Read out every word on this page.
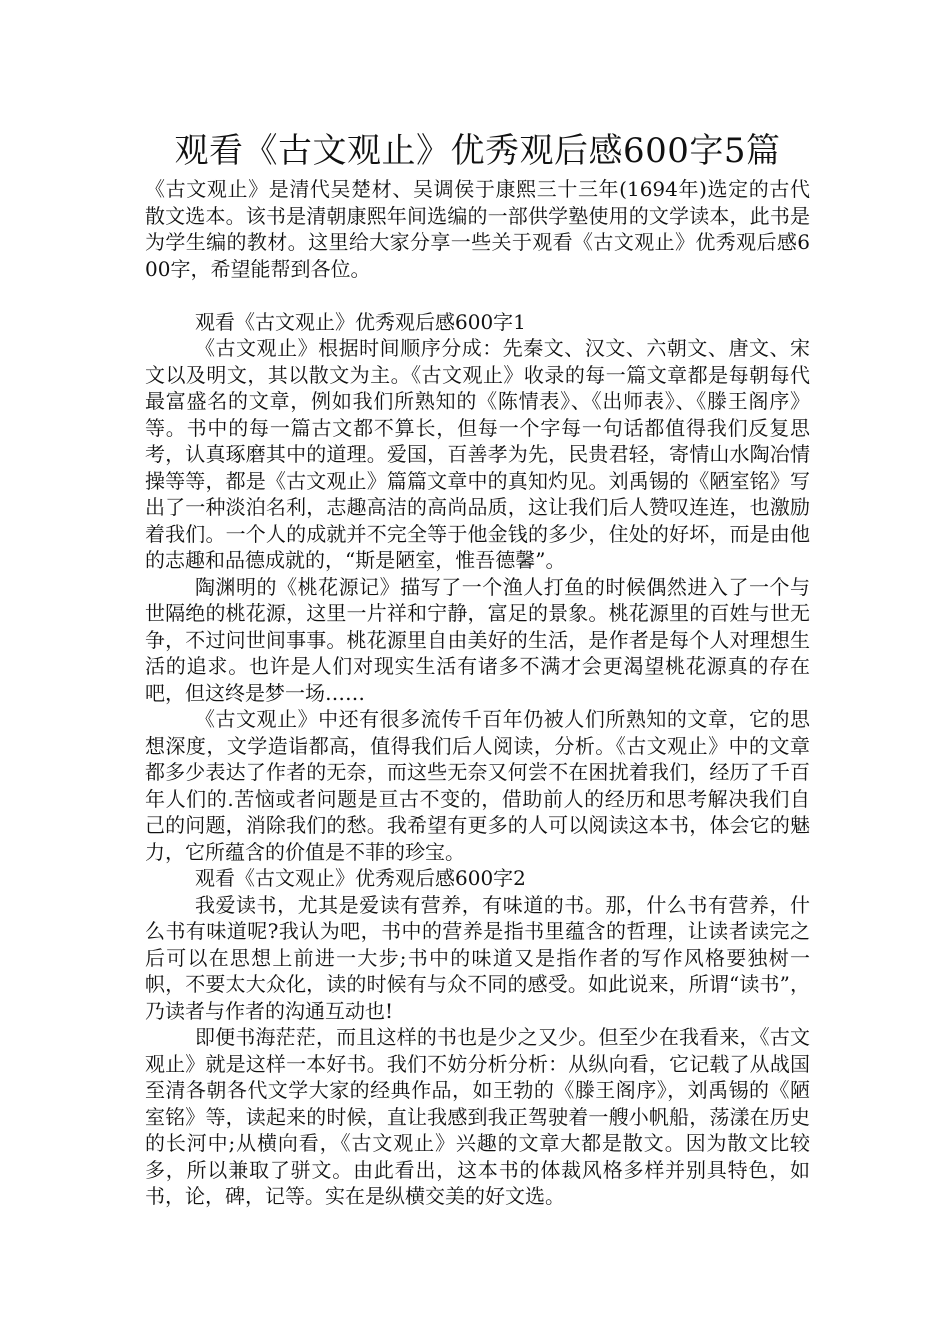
观看《古文观止》优秀观后感600字5篇

《古文观止》是清代吴楚材、吴调侯于康熙三十三年(1694年)选定的古代散文选本。该书是清朝康熙年间选编的一部供学塾使用的文学读本，此书是为学生编的教材。这里给大家分享一些关于观看《古文观止》优秀观后感600字，希望能帮到各位。

观看《古文观止》优秀观后感600字1

《古文观止》根据时间顺序分成：先秦文、汉文、六朝文、唐文、宋文以及明文，其以散文为主。《古文观止》收录的每一篇文章都是每朝每代最富盛名的文章，例如我们所熟知的《陈情表》、《出师表》、《滕王阁序》等。书中的每一篇古文都不算长，但每一个字每一句话都值得我们反复思考，认真琢磨其中的道理。爱国，百善孝为先，民贵君轻，寄情山水陶冶情操等等，都是《古文观止》篇篇文章中的真知灼见。刘禹锡的《陋室铭》写出了一种淡泊名利，志趣高洁的高尚品质，这让我们后人赞叹连连，也激励着我们。一个人的成就并不完全等于他金钱的多少，住处的好坏，而是由他的志趣和品德成就的，“斯是陋室，惟吾德馨”。

陶渊明的《桃花源记》描写了一个渔人打鱼的时候偶然进入了一个与世隔绝的桃花源，这里一片祥和宁静，富足的景象。桃花源里的百姓与世无争，不过问世间事事。桃花源里自由美好的生活，是作者是每个人对理想生活的追求。也许是人们对现实生活有诸多不满才会更渴望桃花源真的存在吧，但这终是梦一场……

《古文观止》中还有很多流传千百年仍被人们所熟知的文章，它的思想深度，文学造诣都高，值得我们后人阅读，分析。《古文观止》中的文章都多少表达了作者的无奈，而这些无奈又何尝不在困扰着我们，经历了千百年人们的.苦恼或者问题是亘古不变的，借助前人的经历和思考解决我们自己的问题，消除我们的愁。我希望有更多的人可以阅读这本书，体会它的魅力，它所蕴含的价值是不菲的珍宝。

观看《古文观止》优秀观后感600字2

我爱读书，尤其是爱读有营养，有味道的书。那，什么书有营养，什么书有味道呢?我认为吧，书中的营养是指书里蕴含的哲理，让读者读完之后可以在思想上前进一大步;书中的味道又是指作者的写作风格要独树一帜，不要太大众化，读的时候有与众不同的感受。如此说来，所谓“读书”，乃读者与作者的沟通互动也!

即便书海茫茫，而且这样的书也是少之又少。但至少在我看来，《古文观止》就是这样一本好书。我们不妨分析分析：从纵向看，它记载了从战国至清各朝各代文学大家的经典作品，如王勃的《滕王阁序》，刘禹锡的《陋室铭》等，读起来的时候，直让我感到我正驾驶着一艘小帆船，荡漾在历史的长河中;从横向看，《古文观止》兴趣的文章大都是散文。因为散文比较多，所以兼取了骈文。由此看出，这本书的体裁风格多样并别具特色，如书，论，碑，记等。实在是纵横交美的好文选。
